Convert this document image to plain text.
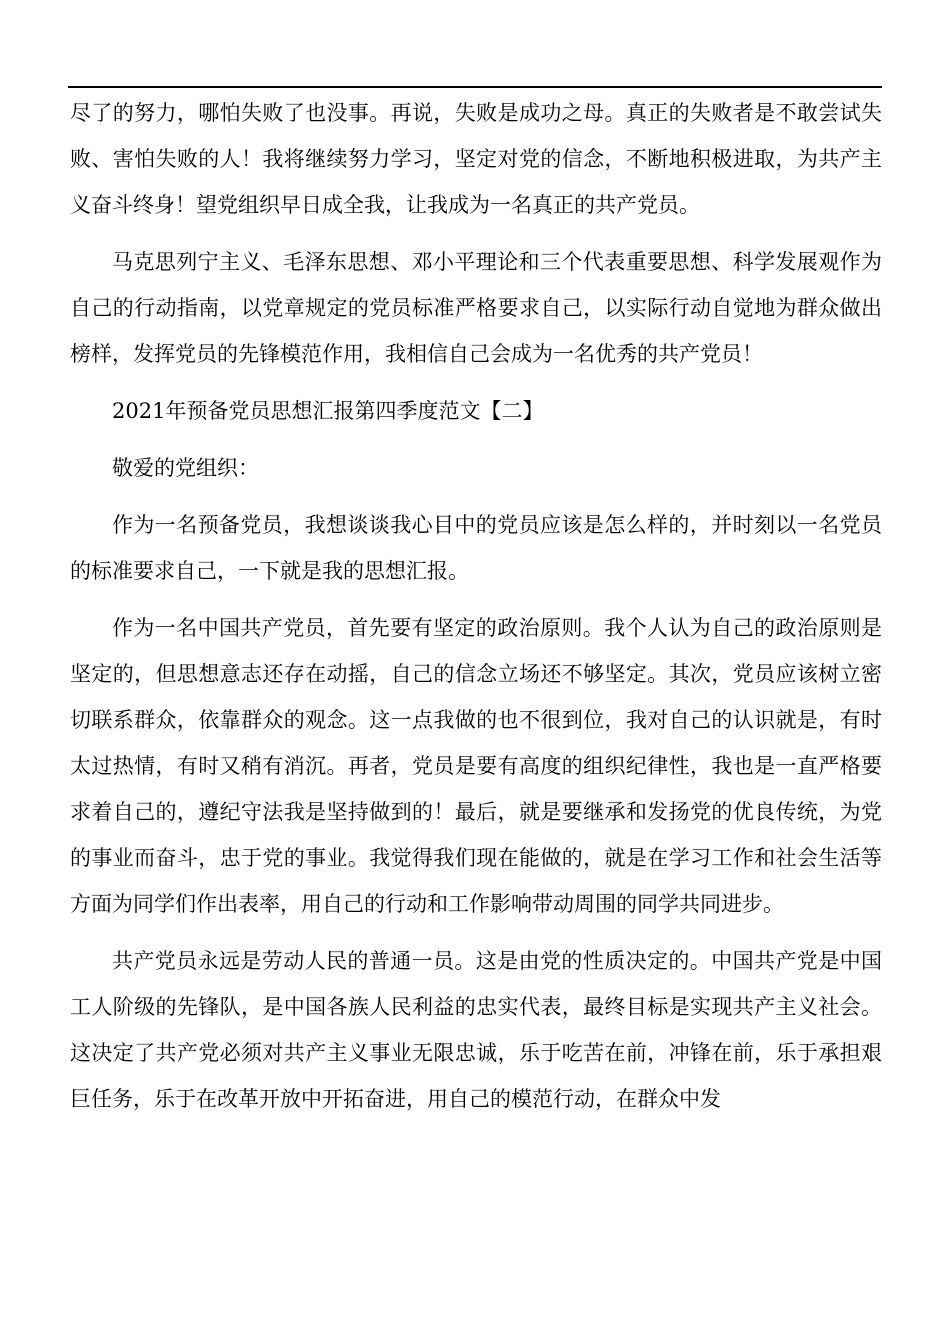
尽了的努力，哪怕失败了也没事。再说，失败是成功之母。真正的失败者是不敢尝试失败、害怕失败的人！我将继续努力学习，坚定对党的信念，不断地积极进取，为共产主义奋斗终身！望党组织早日成全我，让我成为一名真正的共产党员。

马克思列宁主义、毛泽东思想、邓小平理论和三个代表重要思想、科学发展观作为自己的行动指南，以党章规定的党员标准严格要求自己，以实际行动自觉地为群众做出榜样，发挥党员的先锋模范作用，我相信自己会成为一名优秀的共产党员！

2021年预备党员思想汇报第四季度范文【二】

敬爱的党组织：

作为一名预备党员，我想谈谈我心目中的党员应该是怎么样的，并时刻以一名党员的标准要求自己，一下就是我的思想汇报。

作为一名中国共产党员，首先要有坚定的政治原则。我个人认为自己的政治原则是坚定的，但思想意志还存在动摇，自己的信念立场还不够坚定。其次，党员应该树立密切联系群众，依靠群众的观念。这一点我做的也不很到位，我对自己的认识就是，有时太过热情，有时又稍有消沉。再者，党员是要有高度的组织纪律性，我也是一直严格要求着自己的，遵纪守法我是坚持做到的！最后，就是要继承和发扬党的优良传统，为党的事业而奋斗，忠于党的事业。我觉得我们现在能做的，就是在学习工作和社会生活等方面为同学们作出表率，用自己的行动和工作影响带动周围的同学共同进步。

共产党员永远是劳动人民的普通一员。这是由党的性质决定的。中国共产党是中国工人阶级的先锋队，是中国各族人民利益的忠实代表，最终目标是实现共产主义社会。这决定了共产党必须对共产主义事业无限忠诚，乐于吃苦在前，冲锋在前，乐于承担艰巨任务，乐于在改革开放中开拓奋进，用自己的模范行动，在群众中发
